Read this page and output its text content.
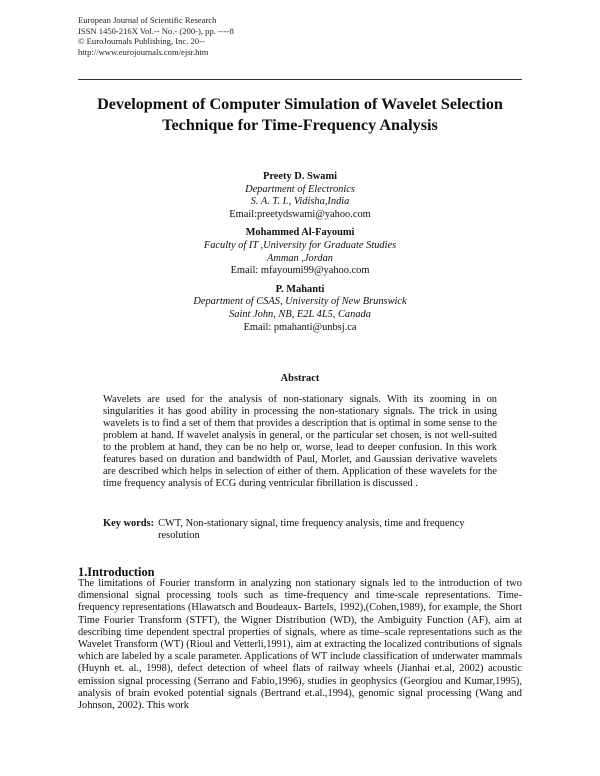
European Journal of Scientific Research
ISSN 1450-216X Vol.-- No.- (200-), pp. ----8
© EuroJournals Publishing, Inc. 20--
http://www.eurojournals.com/ejsr.htm
Development of Computer Simulation of Wavelet Selection
Technique for Time-Frequency Analysis
Preety D. Swami
Department of Electronics
S. A. T. I., Vidisha,India
Email:preetydswami@yahoo.com
Mohammed Al-Fayoumi
Faculty of IT ,University for Graduate Studies
Amman ,Jordan
Email: mfayoumi99@yahoo.com
P. Mahanti
Department of CSAS, University of New Brunswick
Saint John, NB, E2L 4L5, Canada
Email: pmahanti@unbsj.ca
Abstract
Wavelets are used for the analysis of non-stationary signals. With its zooming in on singularities it has good ability in processing the non-stationary signals. The trick in using wavelets is to find a set of them that provides a description that is optimal in some sense to the problem at hand. If wavelet analysis in general, or the particular set chosen, is not well-suited to the problem at hand, they can be no help or, worse, lead to deeper confusion. In this work features based on duration and bandwidth of Paul, Morlet, and Gaussian derivative wavelets are described which helps in selection of either of them. Application of these wavelets for the time frequency analysis of ECG during ventricular fibrillation is discussed .
Key words: CWT, Non-stationary signal, time frequency analysis, time and frequency resolution
1.Introduction
The limitations of Fourier transform in analyzing non stationary signals led to the introduction of two dimensional signal processing tools such as time-frequency and time-scale representations. Time-frequency representations (Hlawatsch and Boudeaux- Bartels, 1992),(Cohen,1989), for example, the Short Time Fourier Transform (STFT), the Wigner Distribution (WD), the Ambiguity Function (AF), aim at describing time dependent spectral properties of signals, where as time–scale representations such as the Wavelet Transform (WT) (Rioul and Vetterli,1991), aim at extracting the localized contributions of signals which are labeled by a scale parameter. Applications of WT include classification of underwater mammals (Huynh et. al., 1998), defect detection of wheel flats of railway wheels (Jianhai et.al, 2002) acoustic emission signal processing (Serrano and Fabio,1996), studies in geophysics (Georgiou and Kumar,1995), analysis of brain evoked potential signals (Bertrand et.al.,1994), genomic signal processing (Wang and Johnson, 2002). This work
